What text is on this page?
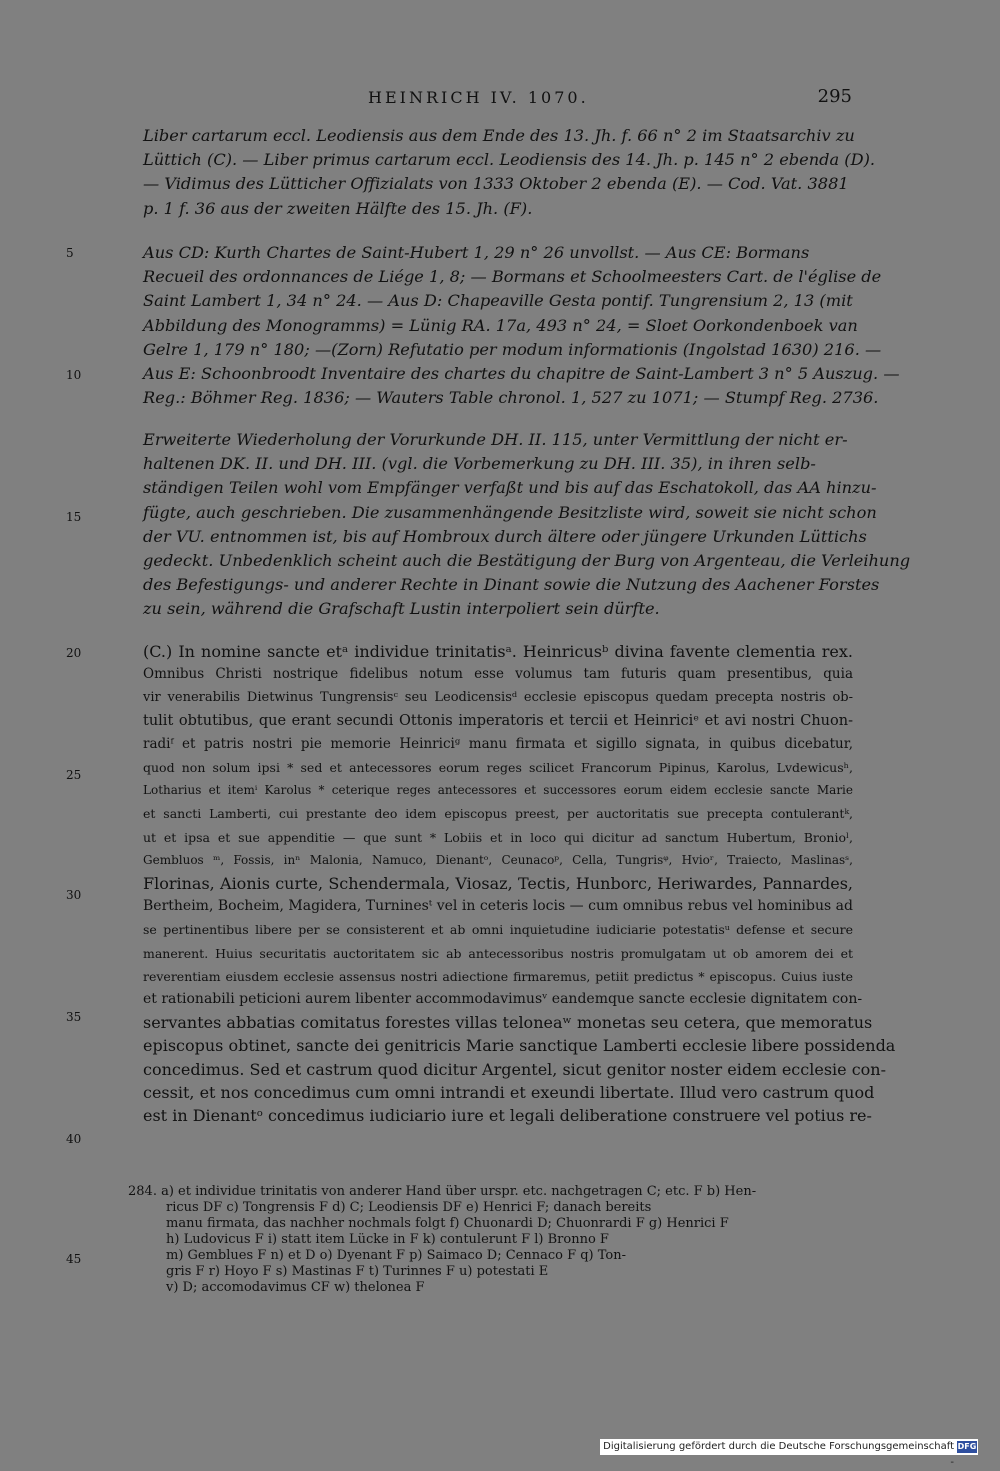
HEINRICH IV. 1070.	295
5
10
15
20
25
30
35
40
45
Liber cartarum eccl. Leodiensis aus dem Ende des 13. Jh. f. 66 n° 2 im Staatsarchiv zu
Lüttich (C). — Liber primus cartarum eccl. Leodiensis des 14. Jh. p. 145 n° 2 ebenda (D).
— Vidimus des Lütticher Offizialats von 1333 Oktober 2 ebenda (E). — Cod. Vat. 3881
p. 1 f. 36 aus der zweiten Hälfte des 15. Jh. (F).
Aus CD: Kurth Chartes de Saint-Hubert 1, 29 n° 26 unvollst. — Aus CE: Bormans
Recueil des ordonnances de Liége 1, 8; — Bormans et Schoolmeesters Cart. de l'église de
Saint Lambert 1, 34 n° 24. — Aus D: Chapeaville Gesta pontif. Tungrensium 2, 13 (mit
Abbildung des Monogramms) = Lünig RA. 17a, 493 n° 24, = Sloet Oorkondenboek van
Gelre 1, 179 n° 180; —(Zorn) Refutatio per modum informationis (Ingolstad 1630) 216. —
Aus E: Schoonbroodt Inventaire des chartes du chapitre de Saint-Lambert 3 n° 5 Auszug. —
Reg.: Böhmer Reg. 1836; — Wauters Table chronol. 1, 527 zu 1071; — Stumpf Reg. 2736.
Erweiterte Wiederholung der Vorurkunde DH. II. 115, unter Vermittlung der nicht er-
haltenen DK. II. und DH. III. (vgl. die Vorbemerkung zu DH. III. 35), in ihren selb-
ständigen Teilen wohl vom Empfänger verfaßt und bis auf das Eschatokoll, das AA hinzu-
fügte, auch geschrieben. Die zusammenhängende Besitzliste wird, soweit sie nicht schon
der VU. entnommen ist, bis auf Hombroux durch ältere oder jüngere Urkunden Lüttichs
gedeckt. Unbedenklich scheint auch die Bestätigung der Burg von Argenteau, die Verleihung
des Befestigungs- und anderer Rechte in Dinant sowie die Nutzung des Aachener Forstes
zu sein, während die Grafschaft Lustin interpoliert sein dürfte.
(C.) In nomine sancte etᵃ individue trinitatisᵃ. Heinricusᵇ divina favente clementia rex.
Omnibus Christi nostrique fidelibus notum esse volumus tam futuris quam presentibus, quia
vir venerabilis Dietwinus Tungrensisᶜ seu Leodicensisᵈ ecclesie episcopus quedam precepta nostris ob-
tulit obtutibus, que erant secundi Ottonis imperatoris et tercii et Heinriciᵉ et avi nostri Chuon-
radiᶠ et patris nostri pie memorie Heinriciᵍ manu firmata et sigillo signata, in quibus dicebatur,
quod non solum ipsi * sed et antecessores eorum reges scilicet Francorum Pipinus, Karolus, Lvdewicusʰ,
Lotharius et itemⁱ Karolus * ceterique reges antecessores et successores eorum eidem ecclesie sancte Marie
et sancti Lamberti, cui prestante deo idem episcopus preest, per auctoritatis sue precepta contulerantᵏ,
ut et ipsa et sue appenditie — que sunt * Lobiis et in loco qui dicitur ad sanctum Hubertum, Bronioˡ,
Gembluos ᵐ, Fossis, inⁿ Malonia, Namuco, Dienantᵒ, Ceunacoᵖ, Cella, Tungrisᵠ, Hvioʳ, Traiecto, Maslinasˢ,
Florinas, Aionis curte, Schendermala, Viosaz, Tectis, Hunborc, Heriwardes, Pannardes,
Bertheim, Bocheim, Magidera, Turninesᵗ vel in ceteris locis — cum omnibus rebus vel hominibus ad
se pertinentibus libere per se consisterent et ab omni inquietudine iudiciarie potestatisᵘ defense et secure
manerent. Huius securitatis auctoritatem sic ab antecessoribus nostris promulgatam ut ob amorem dei et
reverentiam eiusdem ecclesie assensus nostri adiectione firmaremus, petiit predictus * episcopus. Cuius iuste
et rationabili peticioni aurem libenter accommodavimusᵛ eandemque sancte ecclesie dignitatem con-
servantes abbatias comitatus forestes villas teloneaʷ monetas seu cetera, que memoratus
episcopus obtinet, sancte dei genitricis Marie sanctique Lamberti ecclesie libere possidenda
concedimus. Sed et castrum quod dicitur Argentel, sicut genitor noster eidem ecclesie con-
cessit, et nos concedimus cum omni intrandi et exeundi libertate. Illud vero castrum quod
est in Dienantᵒ concedimus iudiciario iure et legali deliberatione construere vel potius re-
284. a) et individue trinitatis von anderer Hand über urspr. etc. nachgetragen C; etc. F b) Hen-
ricus DF c) Tongrensis F d) C; Leodiensis DF e) Henrici F; danach bereits
manu firmata, das nachher nochmals folgt f) Chuonardi D; Chuonrardi F g) Henrici F
h) Ludovicus F i) statt item Lücke in F k) contulerunt F l) Bronno F
m) Gemblues F n) et D o) Dyenant F p) Saimaco D; Cennaco F q) Ton-
gris F r) Hoyo F s) Mastinas F t) Turinnes F u) potestati E
v) D; accomodavimus CF w) thelonea F
Digitalisierung gefördert durch die Deutsche Forschungsgemeinschaft -
DFG
